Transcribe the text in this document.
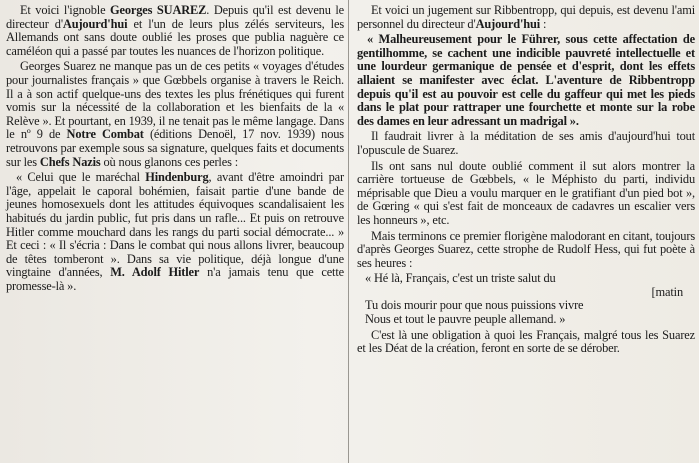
Et voici l'ignoble Georges SUAREZ. Depuis qu'il est devenu le directeur d'Aujourd'hui et l'un de leurs plus zélés serviteurs, les Allemands ont sans doute oublié les proses que publia naguère ce caméléon qui a passé par toutes les nuances de l'horizon politique.

Georges Suarez ne manque pas un de ces petits « voyages d'études pour journalistes français » que Gœbbels organise à travers le Reich. Il a à son actif quelque-uns des textes les plus frénétiques qui furent vomis sur la nécessité de la collaboration et les bienfaits de la « Relève ». Et pourtant, en 1939, il ne tenait pas le même langage. Dans le nº 9 de Notre Combat (éditions Denoël, 17 nov. 1939) nous retrouvons par exemple sous sa signature, quelques faits et documents sur les Chefs Nazis où nous glanons ces perles :

« Celui que le maréchal Hindenburg, avant d'être amoindri par l'âge, appelait le caporal bohémien, faisait partie d'une bande de jeunes homosexuels dont les attitudes équivoques scandalisaient les habitués du jardin public, fut pris dans un rafle... Et puis on retrouve Hitler comme mouchard dans les rangs du parti social démocrate... » Et ceci : « Il s'écria : Dans le combat qui nous allons livrer, beaucoup de têtes tomberont ». Dans sa vie politique, déjà longue d'une vingtaine d'années, M. Adolf Hitler n'a jamais tenu que cette promesse-là ».

Et voici un jugement sur Ribbentropp, qui depuis, est devenu l'ami personnel du directeur d'Aujourd'hui :

« Malheureusement pour le Führer, sous cette affectation de gentilhomme, se cachent une indicible pauvreté intellectuelle et une lourdeur germanique de pensée et d'esprit, dont les effets allaient se manifester avec éclat. L'aventure de Ribbentropp depuis qu'il est au pouvoir est celle du gaffeur qui met les pieds dans le plat pour rattraper une fourchette et monte sur la robe des dames en leur adressant un madrigal ».

Il faudrait livrer à la méditation de ses amis d'aujourd'hui tout l'opuscule de Suarez.

Ils ont sans nul doute oublié comment il sut alors montrer la carrière tortueuse de Gœbbels, « le Méphisto du parti, individu méprisable que Dieu a voulu marquer en le gratifiant d'un pied bot », de Gœring « qui s'est fait de monceaux de cadavres un escalier vers les honneurs », etc.

Mais terminons ce premier florigène malodorant en citant, toujours d'après Georges Suarez, cette strophe de Rudolf Hess, qui fut poète à ses heures :

« Hé là, Français, c'est un triste salut du
[matin
Tu dois mourir pour que nous puissions vivre
Nous et tout le pauvre peuple allemand. »

C'est là une obligation à quoi les Français, malgré tous les Suarez et les Déat de la création, feront en sorte de se dérober.
